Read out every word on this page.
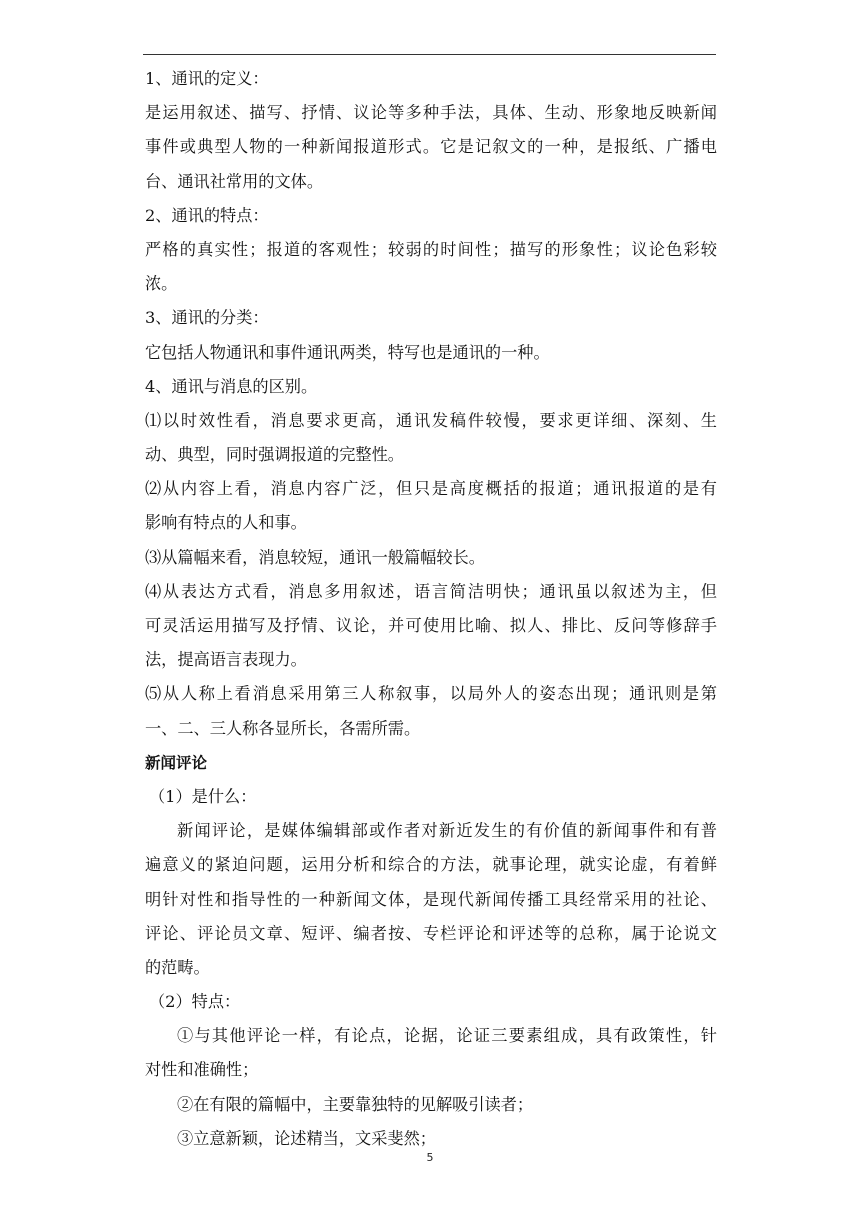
1、通讯的定义：
是运用叙述、描写、抒情、议论等多种手法，具体、生动、形象地反映新闻
事件或典型人物的一种新闻报道形式。它是记叙文的一种，是报纸、广播电
台、通讯社常用的文体。
2、通讯的特点：
严格的真实性；报道的客观性；较弱的时间性；描写的形象性；议论色彩较
浓。
3、通讯的分类：
它包括人物通讯和事件通讯两类，特写也是通讯的一种。
4、通讯与消息的区别。
⑴以时效性看，消息要求更高，通讯发稿件较慢，要求更详细、深刻、生
动、典型，同时强调报道的完整性。
⑵从内容上看，消息内容广泛，但只是高度概括的报道；通讯报道的是有
影响有特点的人和事。
⑶从篇幅来看，消息较短，通讯一般篇幅较长。
⑷从表达方式看，消息多用叙述，语言简洁明快；通讯虽以叙述为主，但
可灵活运用描写及抒情、议论，并可使用比喻、拟人、排比、反问等修辞手
法，提高语言表现力。
⑸从人称上看消息采用第三人称叙事，以局外人的姿态出现；通讯则是第
一、二、三人称各显所长，各需所需。
新闻评论
（1）是什么：
新闻评论，是媒体编辑部或作者对新近发生的有价值的新闻事件和有普
遍意义的紧迫问题，运用分析和综合的方法，就事论理，就实论虚，有着鲜
明针对性和指导性的一种新闻文体，是现代新闻传播工具经常采用的社论、
评论、评论员文章、短评、编者按、专栏评论和评述等的总称，属于论说文
的范畴。
（2）特点：
①与其他评论一样，有论点，论据，论证三要素组成，具有政策性，针
对性和准确性；
②在有限的篇幅中，主要靠独特的见解吸引读者；
③立意新颖，论述精当，文采斐然；
5
